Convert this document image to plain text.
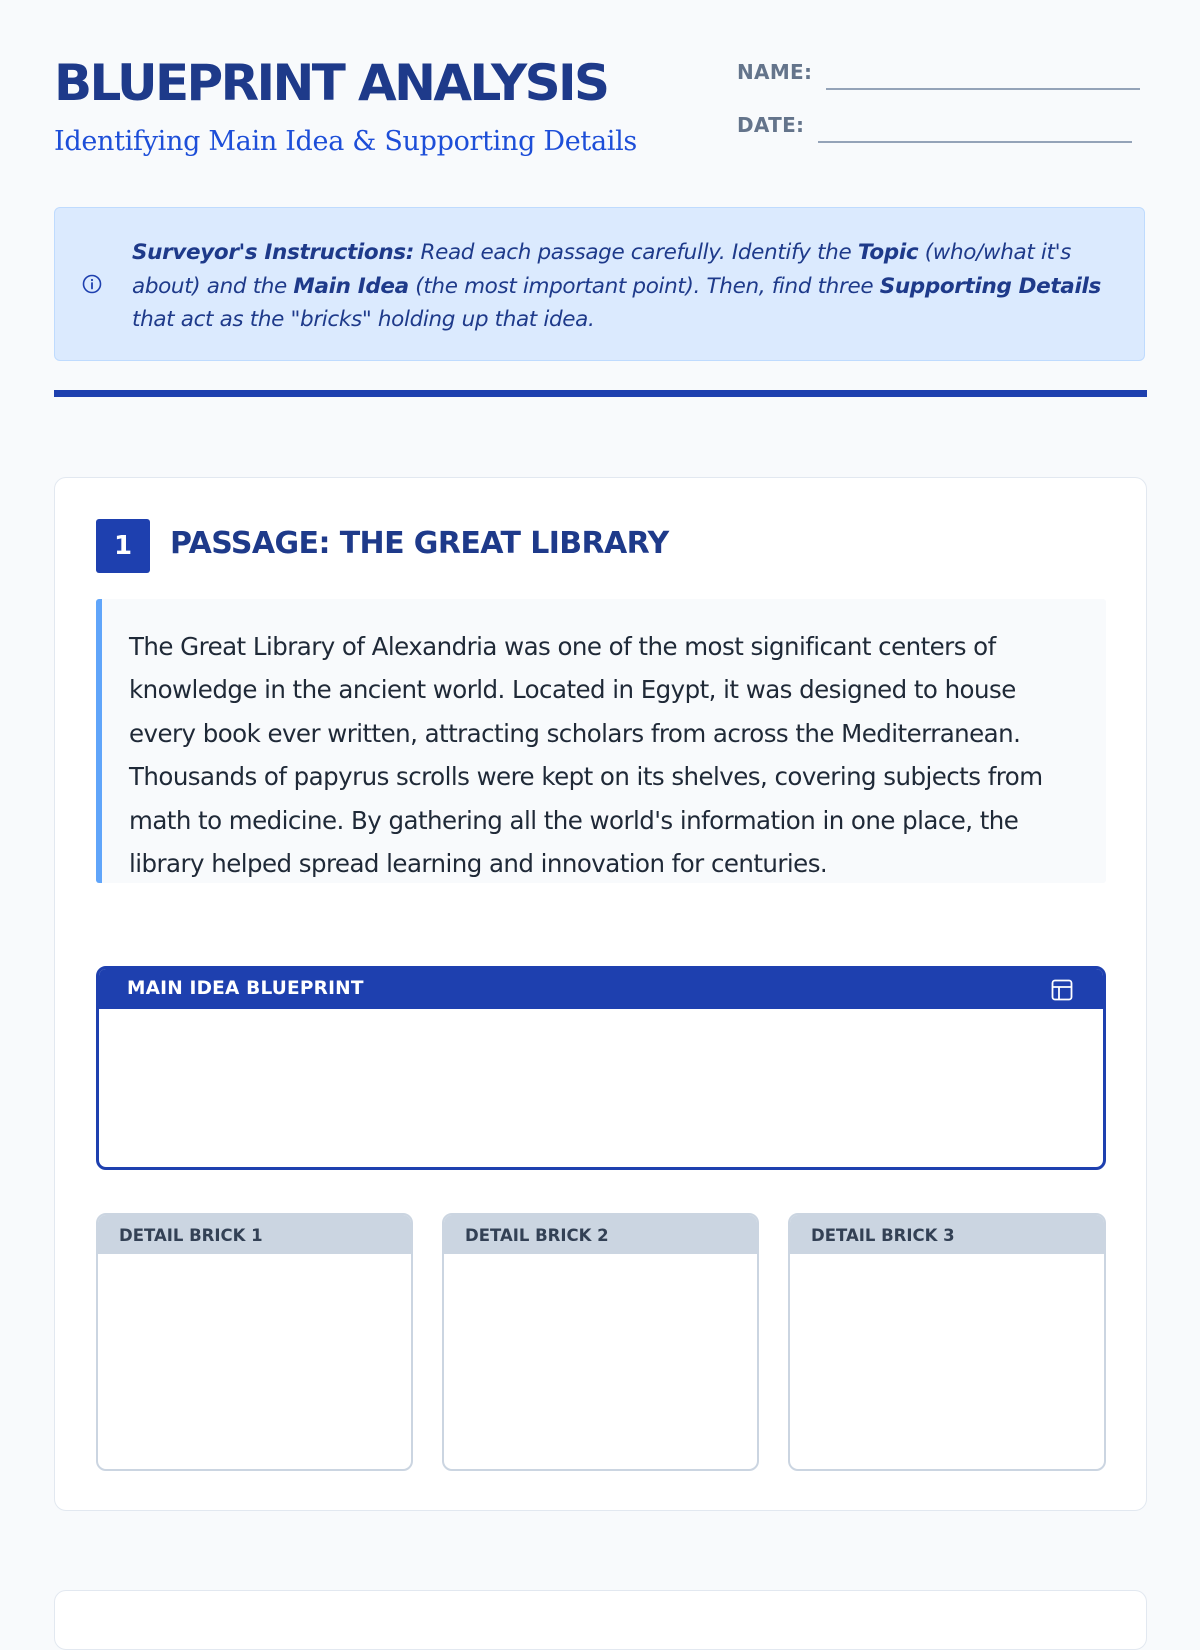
BLUEPRINT ANALYSIS
Identifying Main Idea & Supporting Details
NAME:
DATE:

Surveyor's Instructions: Read each passage carefully. Identify the Topic (who/what it's about) and the Main Idea (the most important point). Then, find three Supporting Details that act as the "bricks" holding up that idea.

1	PASSAGE: THE GREAT LIBRARY

The Great Library of Alexandria was one of the most significant centers of knowledge in the ancient world. Located in Egypt, it was designed to house every book ever written, attracting scholars from across the Mediterranean. Thousands of papyrus scrolls were kept on its shelves, covering subjects from math to medicine. By gathering all the world's information in one place, the library helped spread learning and innovation for centuries.

MAIN IDEA BLUEPRINT
DETAIL BRICK 1	DETAIL BRICK 2	DETAIL BRICK 3
